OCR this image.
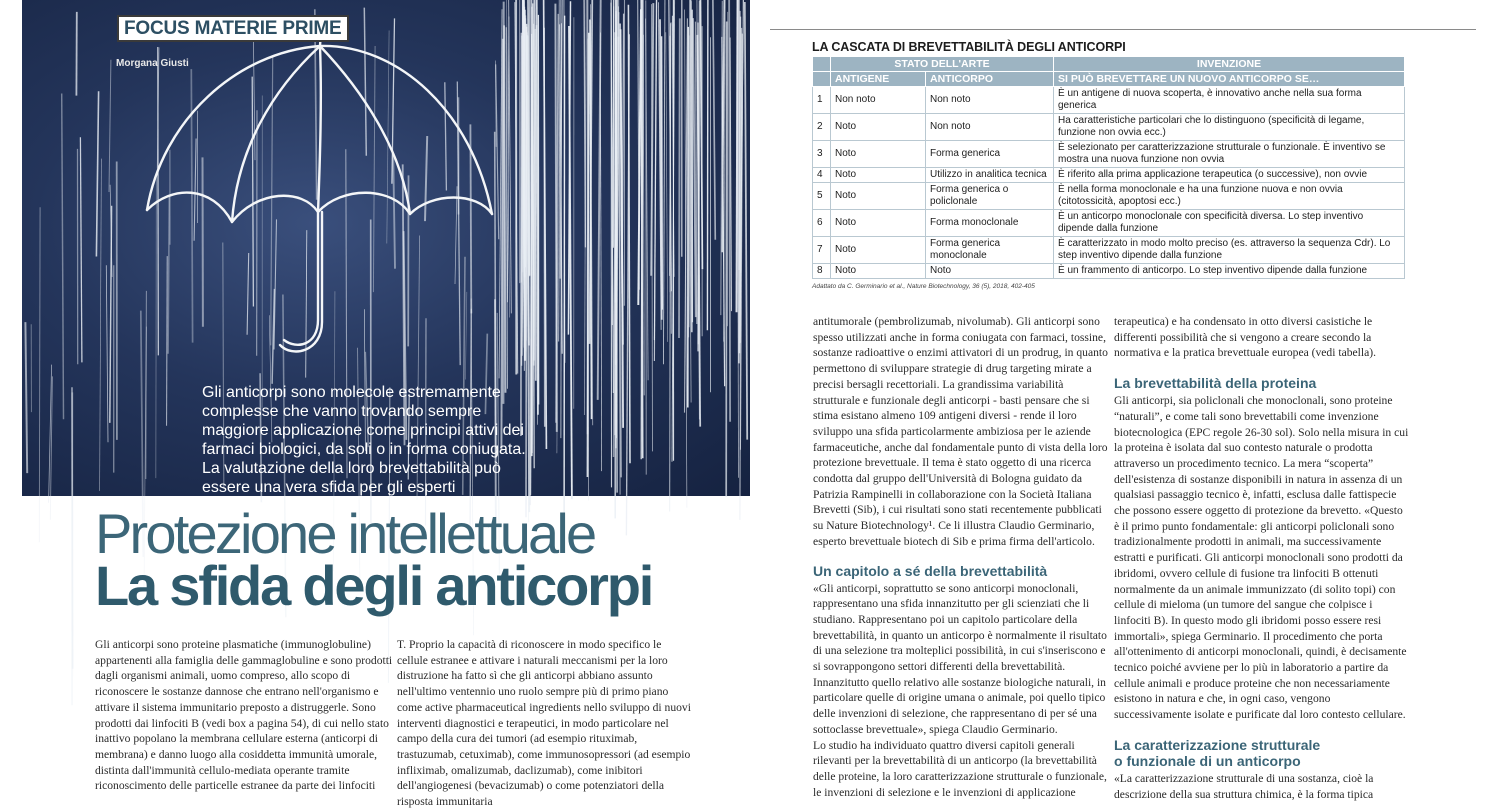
FOCUS MATERIE PRIME
Morgana Giusti
Gli anticorpi sono molecole estremamente complesse che vanno trovando sempre maggiore applicazione come principi attivi dei farmaci biologici, da soli o in forma coniugata. La valutazione della loro brevettabilità può essere una vera sfida per gli esperti
Protezione intellettuale
La sfida degli anticorpi

Gli anticorpi sono proteine plasmatiche (immunoglobuline) appartenenti alla famiglia delle gammaglobuline e sono prodotti dagli organismi animali, uomo compreso, allo scopo di riconoscere le sostanze dannose che entrano nell'organismo e attivare il sistema immunitario preposto a distruggerle. Sono prodotti dai linfociti B (vedi box a pagina 54), di cui nello stato inattivo popolano la membrana cellulare esterna (anticorpi di membrana) e danno luogo alla cosiddetta immunità umorale, distinta dall'immunità cellulo-mediata operante tramite riconoscimento delle particelle estranee da parte dei linfociti

T. Proprio la capacità di riconoscere in modo specifico le cellule estranee e attivare i naturali meccanismi per la loro distruzione ha fatto sì che gli anticorpi abbiano assunto nell'ultimo ventennio uno ruolo sempre più di primo piano come active pharmaceutical ingredients nello sviluppo di nuovi interventi diagnostici e terapeutici, in modo particolare nel campo della cura dei tumori (ad esempio rituximab, trastuzumab, cetuximab), come immunosopressori (ad esempio infliximab, omalizumab, daclizumab), come inibitori dell'angiogenesi (bevacizumab) o come potenziatori della risposta immunitaria

LA CASCATA DI BREVETTABILITÀ DEGLI ANTICORPI
	STATO DELL'ARTE		INVENZIONE
	ANTIGENE	ANTICORPO	SI PUÒ BREVETTARE UN NUOVO ANTICORPO SE…
1	Non noto	Non noto	È un antigene di nuova scoperta, è innovativo anche nella sua forma generica
2	Noto	Non noto	Ha caratteristiche particolari che lo distinguono (specificità di legame, funzione non ovvia ecc.)
3	Noto	Forma generica	È selezionato per caratterizzazione strutturale o funzionale. È inventivo se mostra una nuova funzione non ovvia
4	Noto	Utilizzo in analitica tecnica	È riferito alla prima applicazione terapeutica (o successive), non ovvie
5	Noto	Forma generica o policlonale	È nella forma monoclonale e ha una funzione nuova e non ovvia (citotossicità, apoptosi ecc.)
6	Noto	Forma monoclonale	È un anticorpo monoclonale con specificità diversa. Lo step inventivo dipende dalla funzione
7	Noto	Forma generica monoclonale	È caratterizzato in modo molto preciso (es. attraverso la sequenza Cdr). Lo step inventivo dipende dalla funzione
8	Noto	Noto	È un frammento di anticorpo. Lo step inventivo dipende dalla funzione
Adattato da C. Germinario et al., Nature Biotechnology, 36 (5), 2018, 402-405

antitumorale (pembrolizumab, nivolumab). Gli anticorpi sono spesso utilizzati anche in forma coniugata con farmaci, tossine, sostanze radioattive o enzimi attivatori di un prodrug, in quanto permettono di sviluppare strategie di drug targeting mirate a precisi bersagli recettoriali. La grandissima variabilità strutturale e funzionale degli anticorpi - basti pensare che si stima esistano almeno 109 antigeni diversi - rende il loro sviluppo una sfida particolarmente ambiziosa per le aziende farmaceutiche, anche dal fondamentale punto di vista della loro protezione brevettuale. Il tema è stato oggetto di una ricerca condotta dal gruppo dell'Università di Bologna guidato da Patrizia Rampinelli in collaborazione con la Società Italiana Brevetti (Sib), i cui risultati sono stati recentemente pubblicati su Nature Biotechnology¹. Ce li illustra Claudio Germinario, esperto brevettuale biotech di Sib e prima firma dell'articolo.

Un capitolo a sé della brevettabilità

«Gli anticorpi, soprattutto se sono anticorpi monoclonali, rappresentano una sfida innanzitutto per gli scienziati che li studiano. Rappresentano poi un capitolo particolare della brevettabilità, in quanto un anticorpo è normalmente il risultato di una selezione tra molteplici possibilità, in cui s'inseriscono e si sovrappongono settori differenti della brevettabilità. Innanzitutto quello relativo alle sostanze biologiche naturali, in particolare quelle di origine umana o animale, poi quello tipico delle invenzioni di selezione, che rappresentano di per sé una sottoclasse brevettuale», spiega Claudio Germinario.

Lo studio ha individuato quattro diversi capitoli generali rilevanti per la brevettabilità di un anticorpo (la brevettabilità delle proteine, la loro caratterizzazione strutturale o funzionale, le invenzioni di selezione e le invenzioni di applicazione

terapeutica) e ha condensato in otto diversi casistiche le differenti possibilità che si vengono a creare secondo la normativa e la pratica brevettuale europea (vedi tabella).

La brevettabilità della proteina

Gli anticorpi, sia policlonali che monoclonali, sono proteine “naturali”, e come tali sono brevettabili come invenzione biotecnologica (EPC regole 26-30 sol). Solo nella misura in cui la proteina è isolata dal suo contesto naturale o prodotta attraverso un procedimento tecnico. La mera “scoperta” dell'esistenza di sostanze disponibili in natura in assenza di un qualsiasi passaggio tecnico è, infatti, esclusa dalle fattispecie che possono essere oggetto di protezione da brevetto. «Questo è il primo punto fondamentale: gli anticorpi policlonali sono tradizionalmente prodotti in animali, ma successivamente estratti e purificati. Gli anticorpi monoclonali sono prodotti da ibridomi, ovvero cellule di fusione tra linfociti B ottenuti normalmente da un animale immunizzato (di solito topi) con cellule di mieloma (un tumore del sangue che colpisce i linfociti B). In questo modo gli ibridomi posso essere resi immortali», spiega Germinario. Il procedimento che porta all'ottenimento di anticorpi monoclonali, quindi, è decisamente tecnico poiché avviene per lo più in laboratorio a partire da cellule animali e produce proteine che non necessariamente esistono in natura e che, in ogni caso, vengono successivamente isolate e purificate dal loro contesto cellulare.

La caratterizzazione strutturale
o funzionale di un anticorpo

«La caratterizzazione strutturale di una sostanza, cioè la descrizione della sua struttura chimica, è la forma tipica
